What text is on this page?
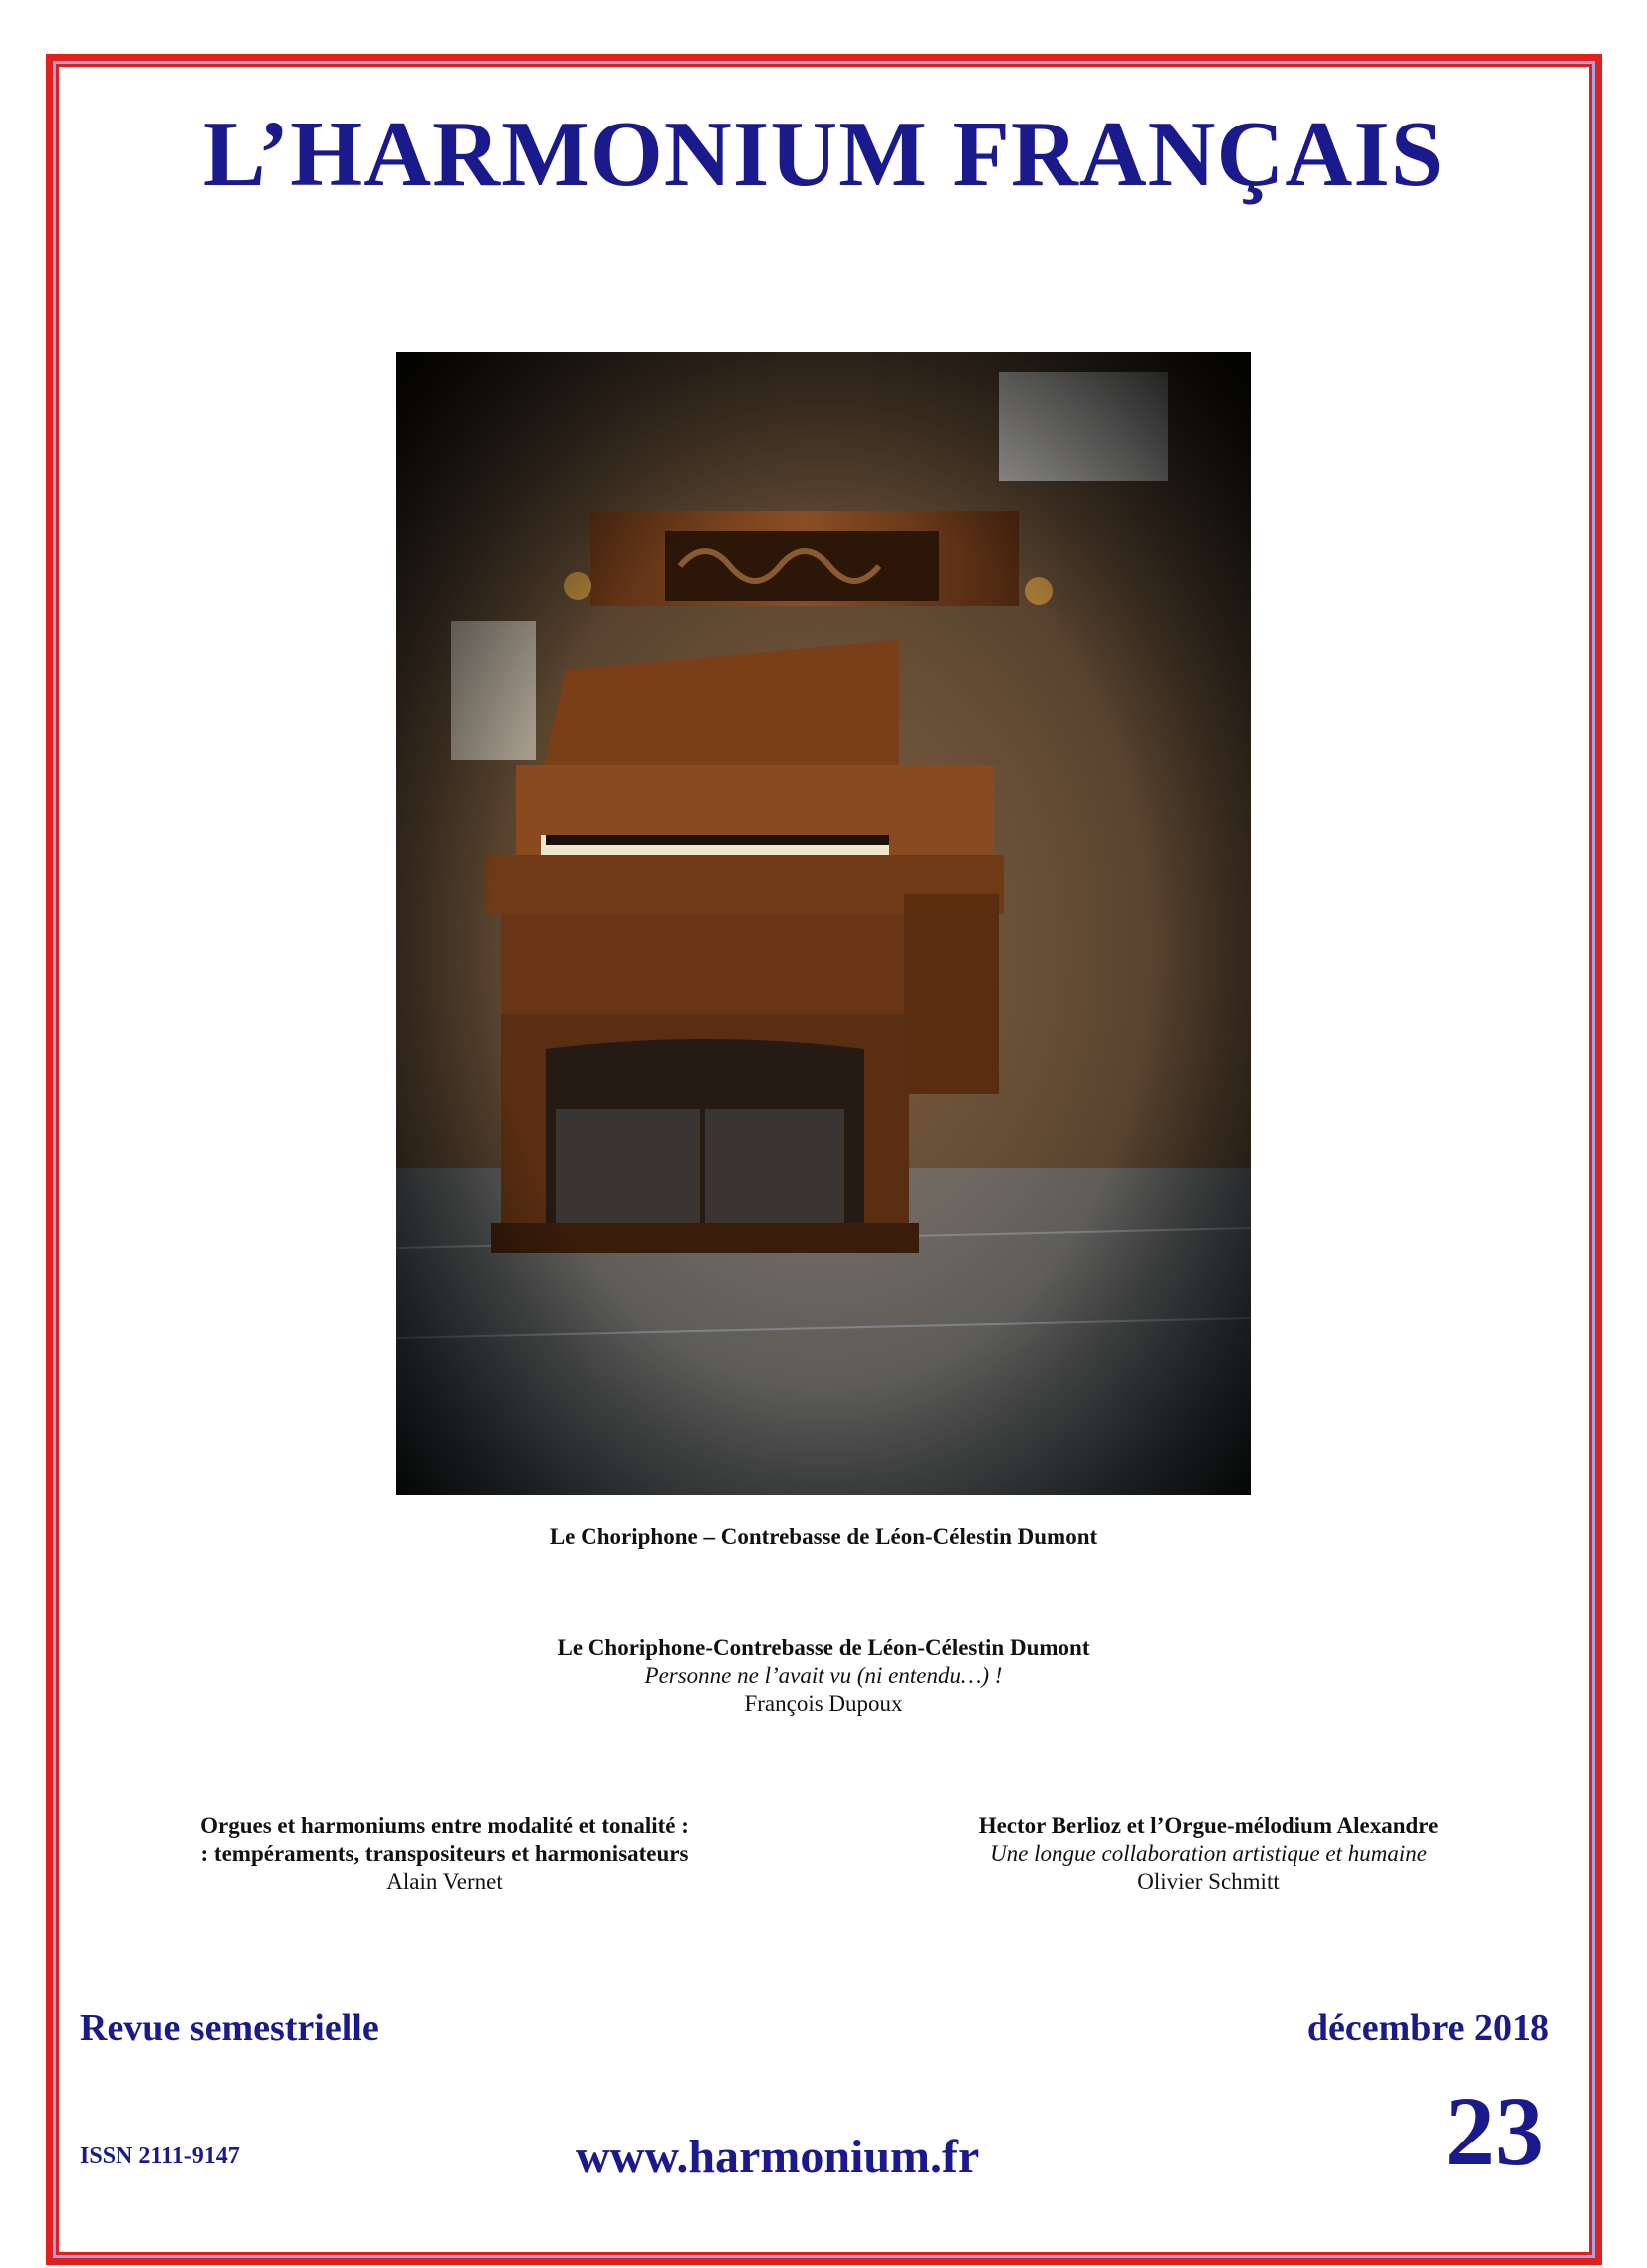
L’HARMONIUM FRANÇAIS
Le Choriphone – Contrebasse de Léon-Célestin Dumont
Le Choriphone-Contrebasse de Léon-Célestin Dumont
Personne ne l’avait vu (ni entendu…) !
François Dupoux
Orgues et harmoniums entre modalité et tonalité :
: tempéraments, transpositeurs et harmonisateurs
Alain Vernet
Hector Berlioz et l’Orgue-mélodium Alexandre
Une longue collaboration artistique et humaine
Olivier Schmitt
Revue semestrielle	décembre 2018
23
ISSN 2111-9147	www.harmonium.fr
